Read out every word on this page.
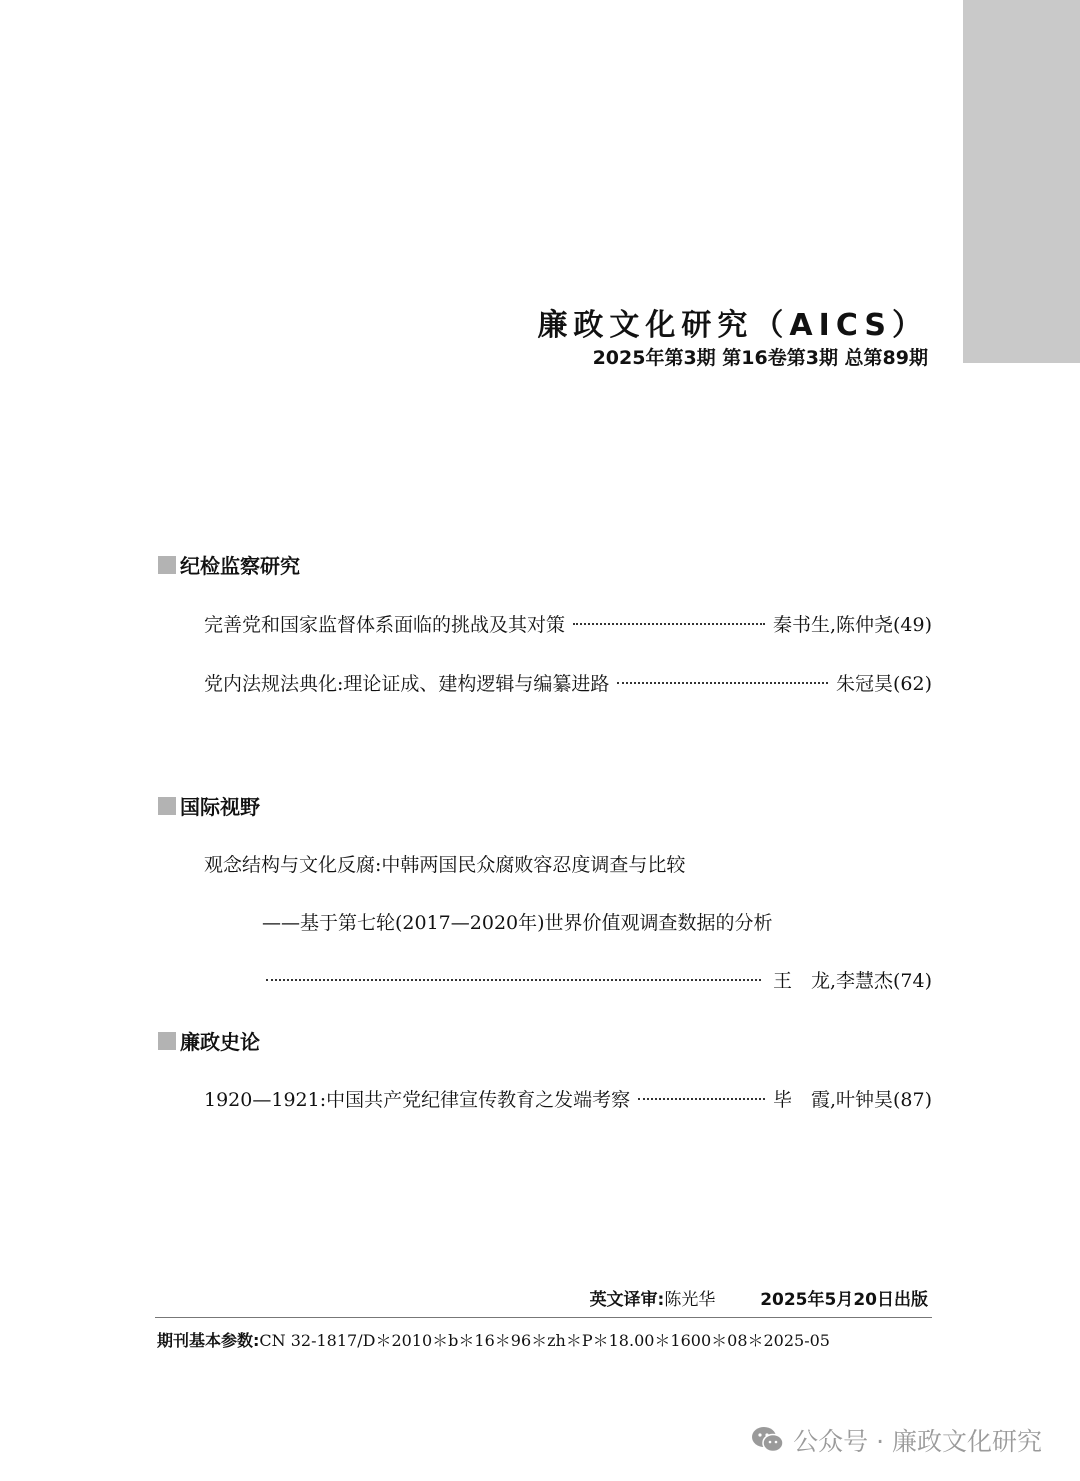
廉政文化研究（AICS）
2025年第3期 第16卷第3期 总第89期
纪检监察研究
完善党和国家监督体系面临的挑战及其对策	秦书生,陈仲尧(49)
党内法规法典化:理论证成、建构逻辑与编纂进路	朱冠昊(62)
国际视野
观念结构与文化反腐:中韩两国民众腐败容忍度调查与比较
——基于第七轮(2017—2020年)世界价值观调查数据的分析
王　龙,李慧杰(74)
廉政史论
1920—1921:中国共产党纪律宣传教育之发端考察	毕　霞,叶钟昊(87)
英文译审:陈光华	2025年5月20日出版
期刊基本参数:CN 32-1817/D＊2010＊b＊16＊96＊zh＊P＊18.00＊1600＊08＊2025-05
公众号 · 廉政文化研究
